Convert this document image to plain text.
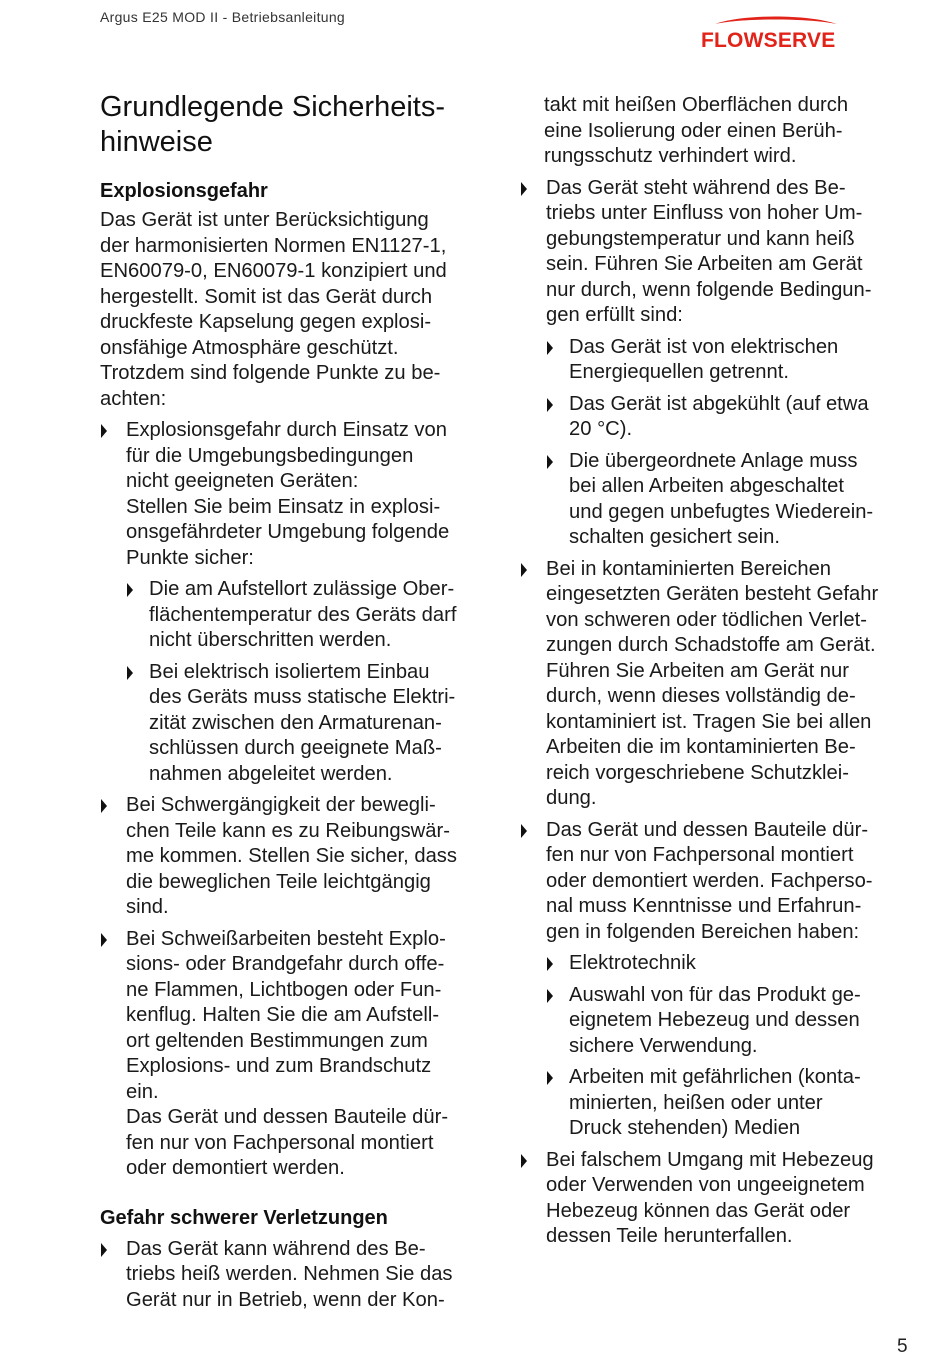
Argus E25 MOD II - Betriebsanleitung
FLOWSERVE
Grundlegende Sicherheits-
hinweise
Explosionsgefahr

Das Gerät ist unter Berücksichtigung
der harmonisierten Normen EN1127-1,
EN60079-0, EN60079-1 konzipiert und
hergestellt. Somit ist das Gerät durch
druckfeste Kapselung gegen explosi-
onsfähige Atmosphäre geschützt.
Trotzdem sind folgende Punkte zu be-
achten:

Explosionsgefahr durch Einsatz von
für die Umgebungsbedingungen
nicht geeigneten Geräten:
Stellen Sie beim Einsatz in explosi-
onsgefährdeter Umgebung folgende
Punkte sicher:
Die am Aufstellort zulässige Ober-
flächentemperatur des Geräts darf
nicht überschritten werden.
Bei elektrisch isoliertem Einbau
des Geräts muss statische Elektri-
zität zwischen den Armaturenan-
schlüssen durch geeignete Maß-
nahmen abgeleitet werden.
Bei Schwergängigkeit der bewegli-
chen Teile kann es zu Reibungswär-
me kommen. Stellen Sie sicher, dass
die beweglichen Teile leichtgängig
sind.
Bei Schweißarbeiten besteht Explo-
sions- oder Brandgefahr durch offe-
ne Flammen, Lichtbogen oder Fun-
kenflug. Halten Sie die am Aufstell-
ort geltenden Bestimmungen zum
Explosions- und zum Brandschutz
ein.
Das Gerät und dessen Bauteile dür-
fen nur von Fachpersonal montiert
oder demontiert werden.
Gefahr schwerer Verletzungen
Das Gerät kann während des Be-
triebs heiß werden. Nehmen Sie das
Gerät nur in Betrieb, wenn der Kon-
takt mit heißen Oberflächen durch
eine Isolierung oder einen Berüh-
rungsschutz verhindert wird.
Das Gerät steht während des Be-
triebs unter Einfluss von hoher Um-
gebungstemperatur und kann heiß
sein. Führen Sie Arbeiten am Gerät
nur durch, wenn folgende Bedingun-
gen erfüllt sind:
Das Gerät ist von elektrischen
Energiequellen getrennt.
Das Gerät ist abgekühlt (auf etwa
20 °C).
Die übergeordnete Anlage muss
bei allen Arbeiten abgeschaltet
und gegen unbefugtes Wiederein-
schalten gesichert sein.
Bei in kontaminierten Bereichen
eingesetzten Geräten besteht Gefahr
von schweren oder tödlichen Verlet-
zungen durch Schadstoffe am Gerät.
Führen Sie Arbeiten am Gerät nur
durch, wenn dieses vollständig de-
kontaminiert ist. Tragen Sie bei allen
Arbeiten die im kontaminierten Be-
reich vorgeschriebene Schutzklei-
dung.
Das Gerät und dessen Bauteile dür-
fen nur von Fachpersonal montiert
oder demontiert werden. Fachperso-
nal muss Kenntnisse und Erfahrun-
gen in folgenden Bereichen haben:
Elektrotechnik
Auswahl von für das Produkt ge-
eignetem Hebezeug und dessen
sichere Verwendung.
Arbeiten mit gefährlichen (konta-
minierten, heißen oder unter
Druck stehenden) Medien
Bei falschem Umgang mit Hebezeug
oder Verwenden von ungeeignetem
Hebezeug können das Gerät oder
dessen Teile herunterfallen.
5
